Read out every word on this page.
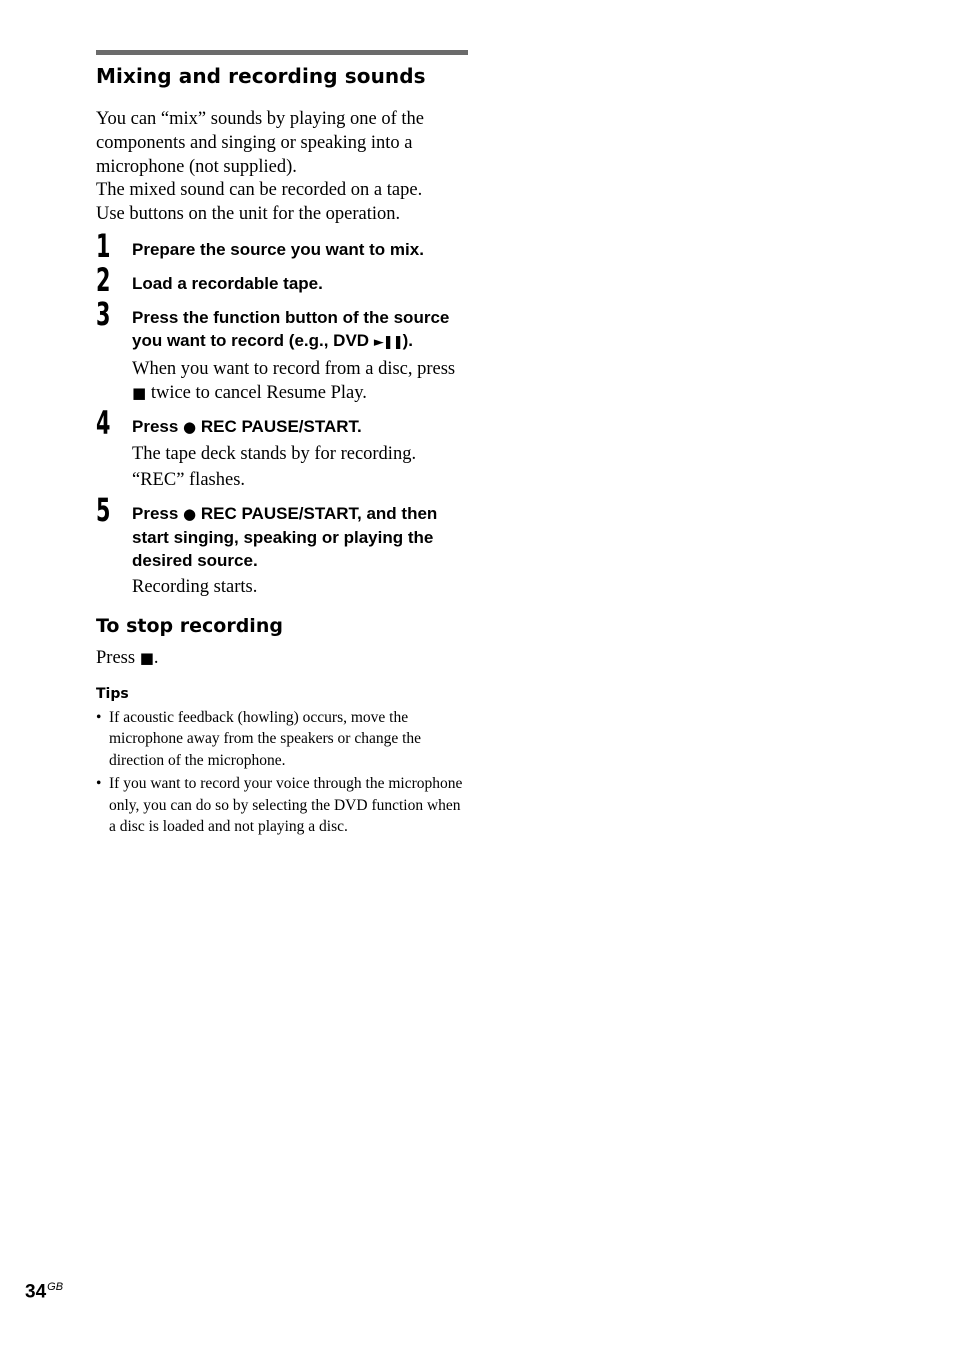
Mixing and recording sounds

You can “mix” sounds by playing one of the components and singing or speaking into a microphone (not supplied).

The mixed sound can be recorded on a tape.

Use buttons on the unit for the operation.

1 Prepare the source you want to mix.
2 Load a recordable tape.
3 Press the function button of the source you want to record (e.g., DVD ►❚❚).
When you want to record from a disc, press ■ twice to cancel Resume Play.
4 Press ● REC PAUSE/START.
The tape deck stands by for recording.
“REC” flashes.
5 Press ● REC PAUSE/START, and then start singing, speaking or playing the desired source.
Recording starts.
To stop recording
Press ■.
Tips
• If acoustic feedback (howling) occurs, move the microphone away from the speakers or change the direction of the microphone.
• If you want to record your voice through the microphone only, you can do so by selecting the DVD function when a disc is loaded and not playing a disc.
$34^{GB}$
